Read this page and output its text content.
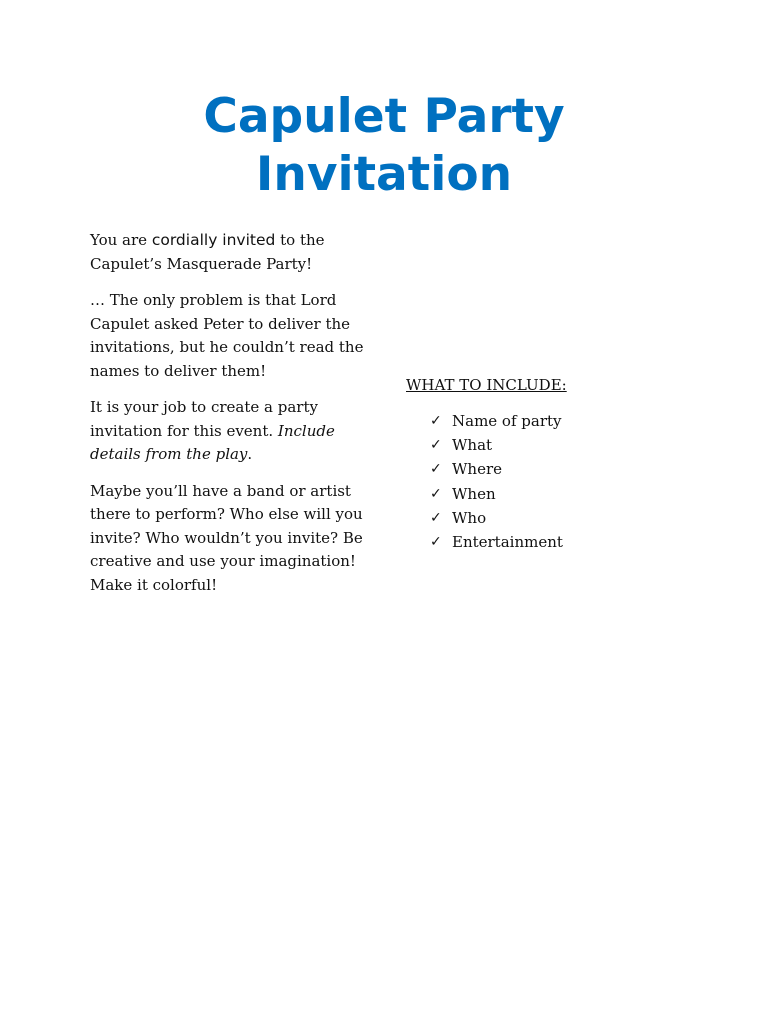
Capulet Party
Invitation

You are cordially invited to the Capulet’s Masquerade Party!

… The only problem is that Lord Capulet asked Peter to deliver the invitations, but he couldn’t read the names to deliver them!

It is your job to create a party invitation for this event. Include details from the play.

Maybe you’ll have a band or artist there to perform? Who else will you invite? Who wouldn’t you invite? Be creative and use your imagination! Make it colorful!

WHAT TO INCLUDE:
✓ Name of party
✓ What
✓ Where
✓ When
✓ Who
✓ Entertainment
